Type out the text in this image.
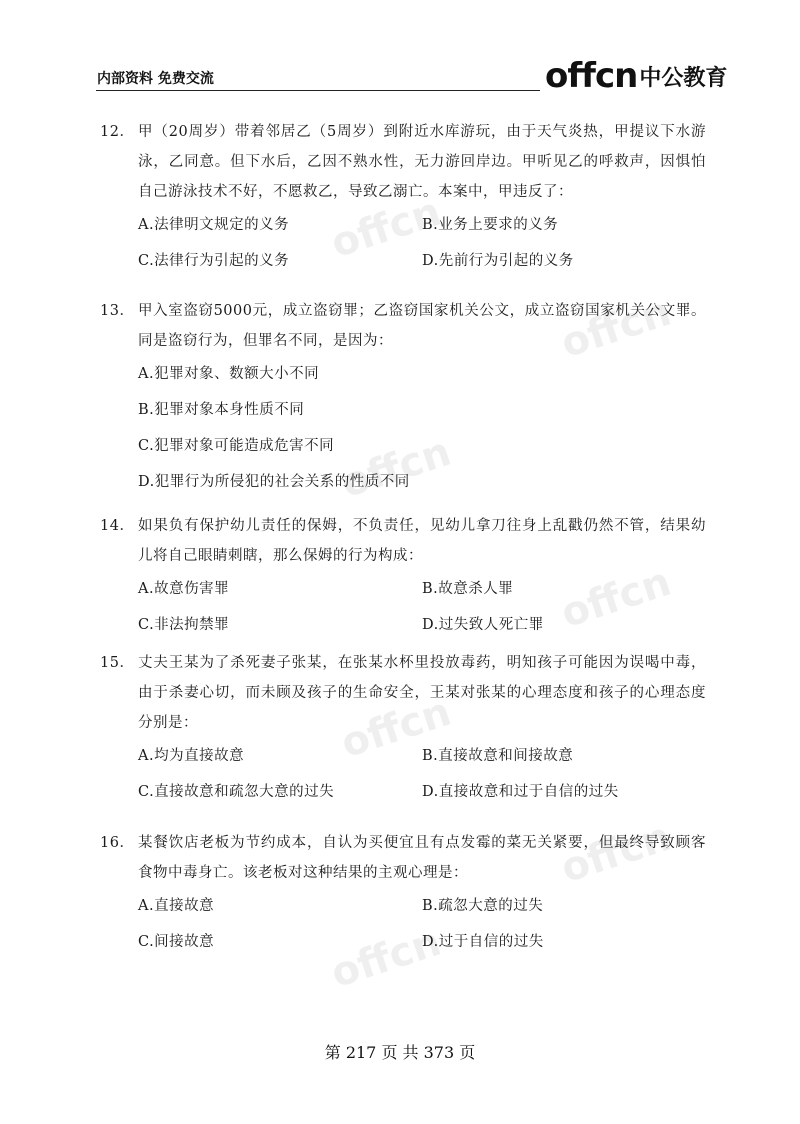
offcn
offcn
offcn
offcn
offcn
offcn
offcn
内部资料 免费交流	offcn 中公教育
12． 甲（20周岁）带着邻居乙（5周岁）到附近水库游玩，由于天气炎热，甲提议下水游泳，乙同意。但下水后，乙因不熟水性，无力游回岸边。甲听见乙的呼救声，因惧怕自己游泳技术不好，不愿救乙，导致乙溺亡。本案中，甲违反了：
A.法律明文规定的义务	B.业务上要求的义务
C.法律行为引起的义务	D.先前行为引起的义务
13． 甲入室盗窃5000元，成立盗窃罪；乙盗窃国家机关公文，成立盗窃国家机关公文罪。同是盗窃行为，但罪名不同，是因为：
A.犯罪对象、数额大小不同
B.犯罪对象本身性质不同
C.犯罪对象可能造成危害不同
D.犯罪行为所侵犯的社会关系的性质不同
14． 如果负有保护幼儿责任的保姆，不负责任，见幼儿拿刀往身上乱戳仍然不管，结果幼儿将自己眼睛刺瞎，那么保姆的行为构成：
A.故意伤害罪	B.故意杀人罪
C.非法拘禁罪	D.过失致人死亡罪
15． 丈夫王某为了杀死妻子张某，在张某水杯里投放毒药，明知孩子可能因为误喝中毒，由于杀妻心切，而未顾及孩子的生命安全，王某对张某的心理态度和孩子的心理态度分别是：
A.均为直接故意	B.直接故意和间接故意
C.直接故意和疏忽大意的过失	D.直接故意和过于自信的过失
16． 某餐饮店老板为节约成本，自认为买便宜且有点发霉的菜无关紧要，但最终导致顾客食物中毒身亡。该老板对这种结果的主观心理是：
A.直接故意	B.疏忽大意的过失
C.间接故意	D.过于自信的过失
第 217 页 共 373 页
